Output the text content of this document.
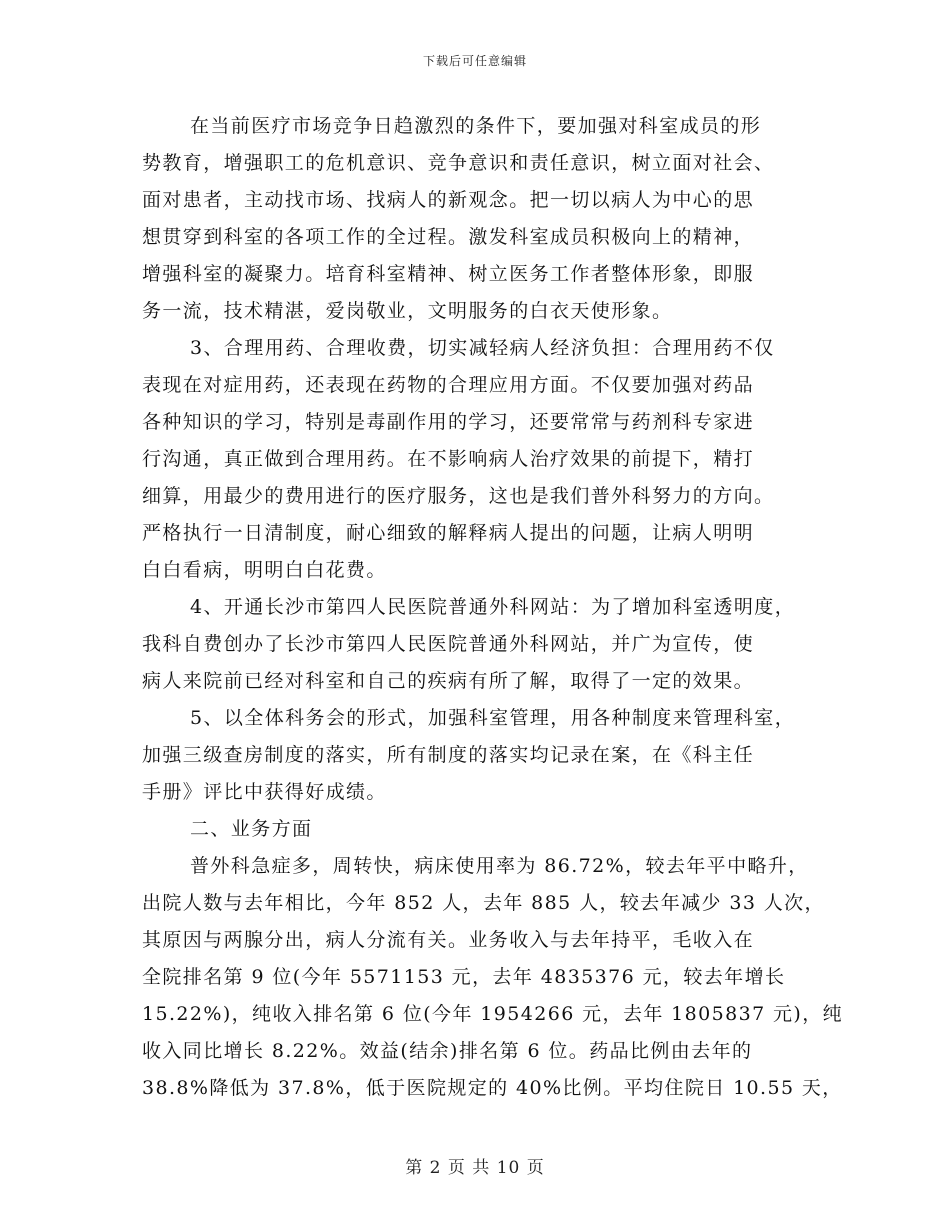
下载后可任意编辑
在当前医疗市场竞争日趋激烈的条件下，要加强对科室成员的形
势教育，增强职工的危机意识、竞争意识和责任意识，树立面对社会、
面对患者，主动找市场、找病人的新观念。把一切以病人为中心的思
想贯穿到科室的各项工作的全过程。激发科室成员积极向上的精神，
增强科室的凝聚力。培育科室精神、树立医务工作者整体形象，即服
务一流，技术精湛，爱岗敬业，文明服务的白衣天使形象。
3、合理用药、合理收费，切实减轻病人经济负担：合理用药不仅
表现在对症用药，还表现在药物的合理应用方面。不仅要加强对药品
各种知识的学习，特别是毒副作用的学习，还要常常与药剂科专家进
行沟通，真正做到合理用药。在不影响病人治疗效果的前提下，精打
细算，用最少的费用进行的医疗服务，这也是我们普外科努力的方向。
严格执行一日清制度，耐心细致的解释病人提出的问题，让病人明明
白白看病，明明白白花费。
4、开通长沙市第四人民医院普通外科网站：为了增加科室透明度，
我科自费创办了长沙市第四人民医院普通外科网站，并广为宣传，使
病人来院前已经对科室和自己的疾病有所了解，取得了一定的效果。
5、以全体科务会的形式，加强科室管理，用各种制度来管理科室，
加强三级查房制度的落实，所有制度的落实均记录在案，在《科主任
手册》评比中获得好成绩。
二、业务方面
普外科急症多，周转快，病床使用率为 86.72%，较去年平中略升，
出院人数与去年相比，今年 852 人，去年 885 人，较去年减少 33 人次，
其原因与两腺分出，病人分流有关。业务收入与去年持平，毛收入在
全院排名第 9 位(今年 5571153 元，去年 4835376 元，较去年增长
15.22%)，纯收入排名第 6 位(今年 1954266 元，去年 1805837 元)，纯
收入同比增长 8.22%。效益(结余)排名第 6 位。药品比例由去年的
38.8%降低为 37.8%，低于医院规定的 40%比例。平均住院日 10.55 天，
第 2 页 共 10 页
